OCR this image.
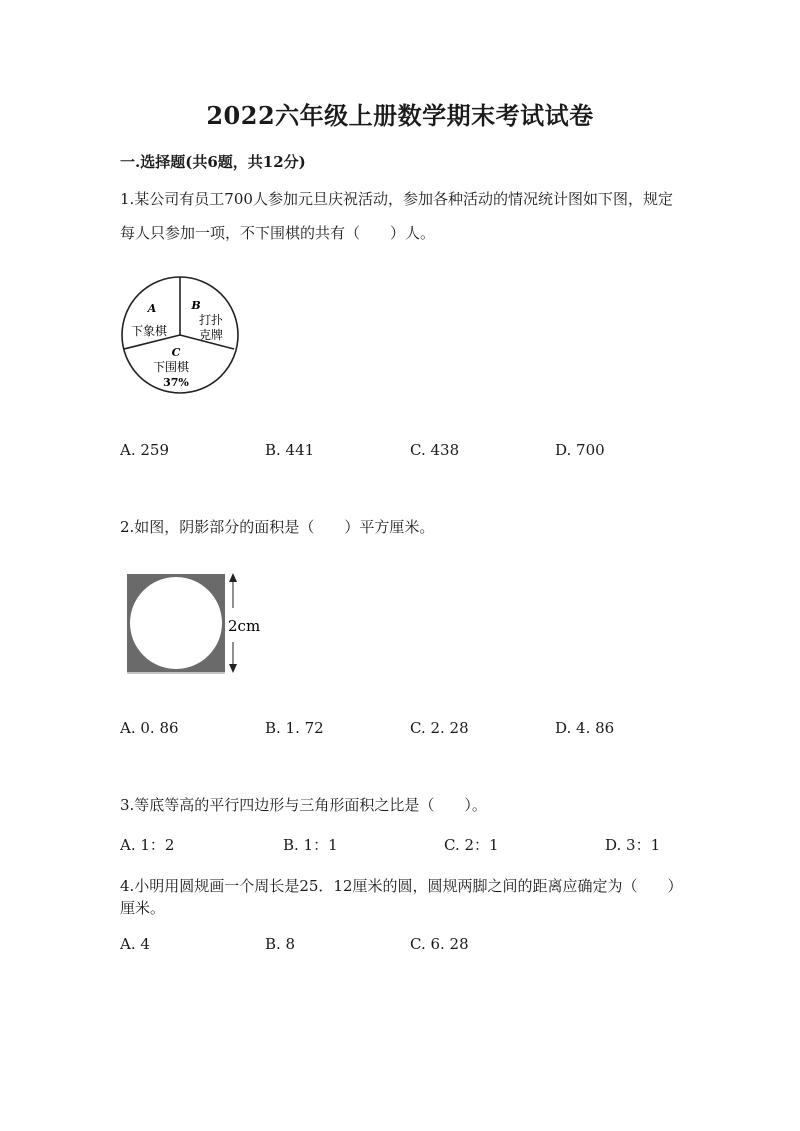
2022六年级上册数学期末考试试卷
一.选择题(共6题，共12分)
1.某公司有员工700人参加元旦庆祝活动，参加各种活动的情况统计图如下图，规定每人只参加一项，不下围棋的共有（　　）人。
A
下象棋
B
打扑
克牌
C
下围棋
37%
A. 259	B. 441	C. 438	D. 700
2.如图，阴影部分的面积是（　　）平方厘米。
2cm
A. 0. 86	B. 1. 72	C. 2. 28	D. 4. 86
3.等底等高的平行四边形与三角形面积之比是（　　）。
A. 1：2	B. 1：1	C. 2：1	D. 3：1
4.小明用圆规画一个周长是25．12厘米的圆，圆规两脚之间的距离应确定为（　　）厘米。
A. 4	B. 8	C. 6. 28
